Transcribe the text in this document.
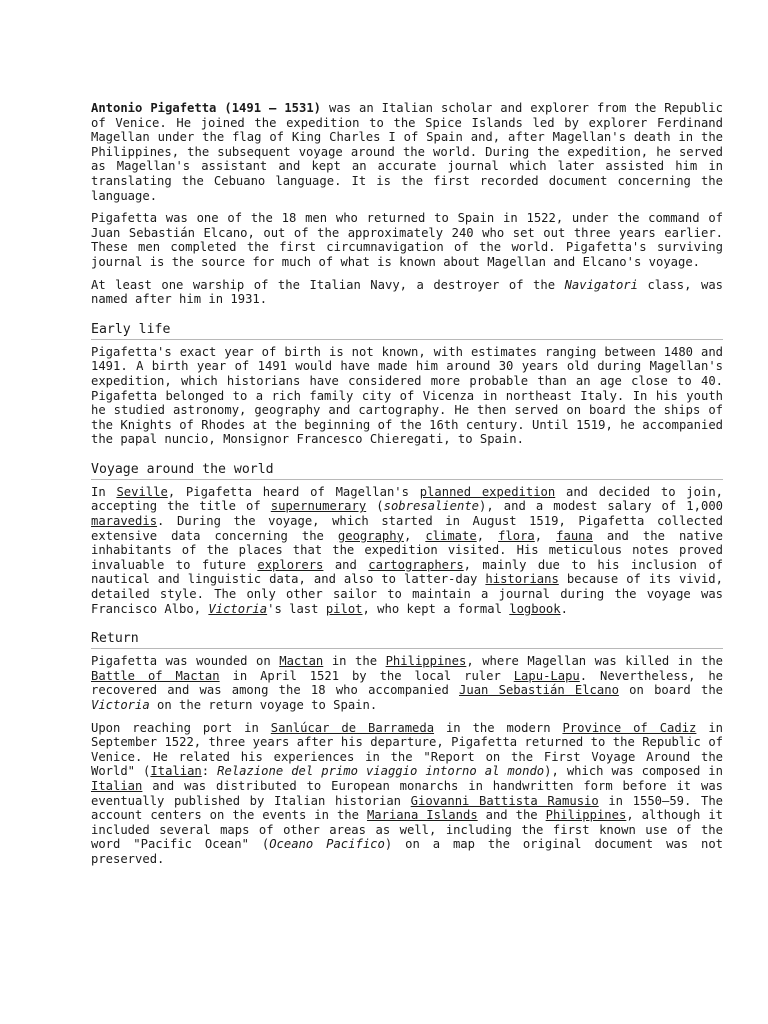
Antonio Pigafetta (1491 – 1531) was an Italian scholar and explorer from the Republic of Venice. He joined the expedition to the Spice Islands led by explorer Ferdinand Magellan under the flag of King Charles I of Spain and, after Magellan's death in the Philippines, the subsequent voyage around the world. During the expedition, he served as Magellan's assistant and kept an accurate journal which later assisted him in translating the Cebuano language. It is the first recorded document concerning the language.

Pigafetta was one of the 18 men who returned to Spain in 1522, under the command of Juan Sebastián Elcano, out of the approximately 240 who set out three years earlier. These men completed the first circumnavigation of the world. Pigafetta's surviving journal is the source for much of what is known about Magellan and Elcano's voyage.

At least one warship of the Italian Navy, a destroyer of the Navigatori class, was named after him in 1931.

Early life

Pigafetta's exact year of birth is not known, with estimates ranging between 1480 and 1491. A birth year of 1491 would have made him around 30 years old during Magellan's expedition, which historians have considered more probable than an age close to 40. Pigafetta belonged to a rich family city of Vicenza in northeast Italy. In his youth he studied astronomy, geography and cartography. He then served on board the ships of the Knights of Rhodes at the beginning of the 16th century. Until 1519, he accompanied the papal nuncio, Monsignor Francesco Chieregati, to Spain.

Voyage around the world

In Seville, Pigafetta heard of Magellan's planned expedition and decided to join, accepting the title of supernumerary (sobresaliente), and a modest salary of 1,000 maravedis. During the voyage, which started in August 1519, Pigafetta collected extensive data concerning the geography, climate, flora, fauna and the native inhabitants of the places that the expedition visited. His meticulous notes proved invaluable to future explorers and cartographers, mainly due to his inclusion of nautical and linguistic data, and also to latter-day historians because of its vivid, detailed style. The only other sailor to maintain a journal during the voyage was Francisco Albo, Victoria's last pilot, who kept a formal logbook.

Return

Pigafetta was wounded on Mactan in the Philippines, where Magellan was killed in the Battle of Mactan in April 1521 by the local ruler Lapu-Lapu. Nevertheless, he recovered and was among the 18 who accompanied Juan Sebastián Elcano on board the Victoria on the return voyage to Spain.

Upon reaching port in Sanlúcar de Barrameda in the modern Province of Cadiz in September 1522, three years after his departure, Pigafetta returned to the Republic of Venice. He related his experiences in the "Report on the First Voyage Around the World" (Italian: Relazione del primo viaggio intorno al mondo), which was composed in Italian and was distributed to European monarchs in handwritten form before it was eventually published by Italian historian Giovanni Battista Ramusio in 1550–59. The account centers on the events in the Mariana Islands and the Philippines, although it included several maps of other areas as well, including the first known use of the word "Pacific Ocean" (Oceano Pacifico) on a map the original document was not preserved.
